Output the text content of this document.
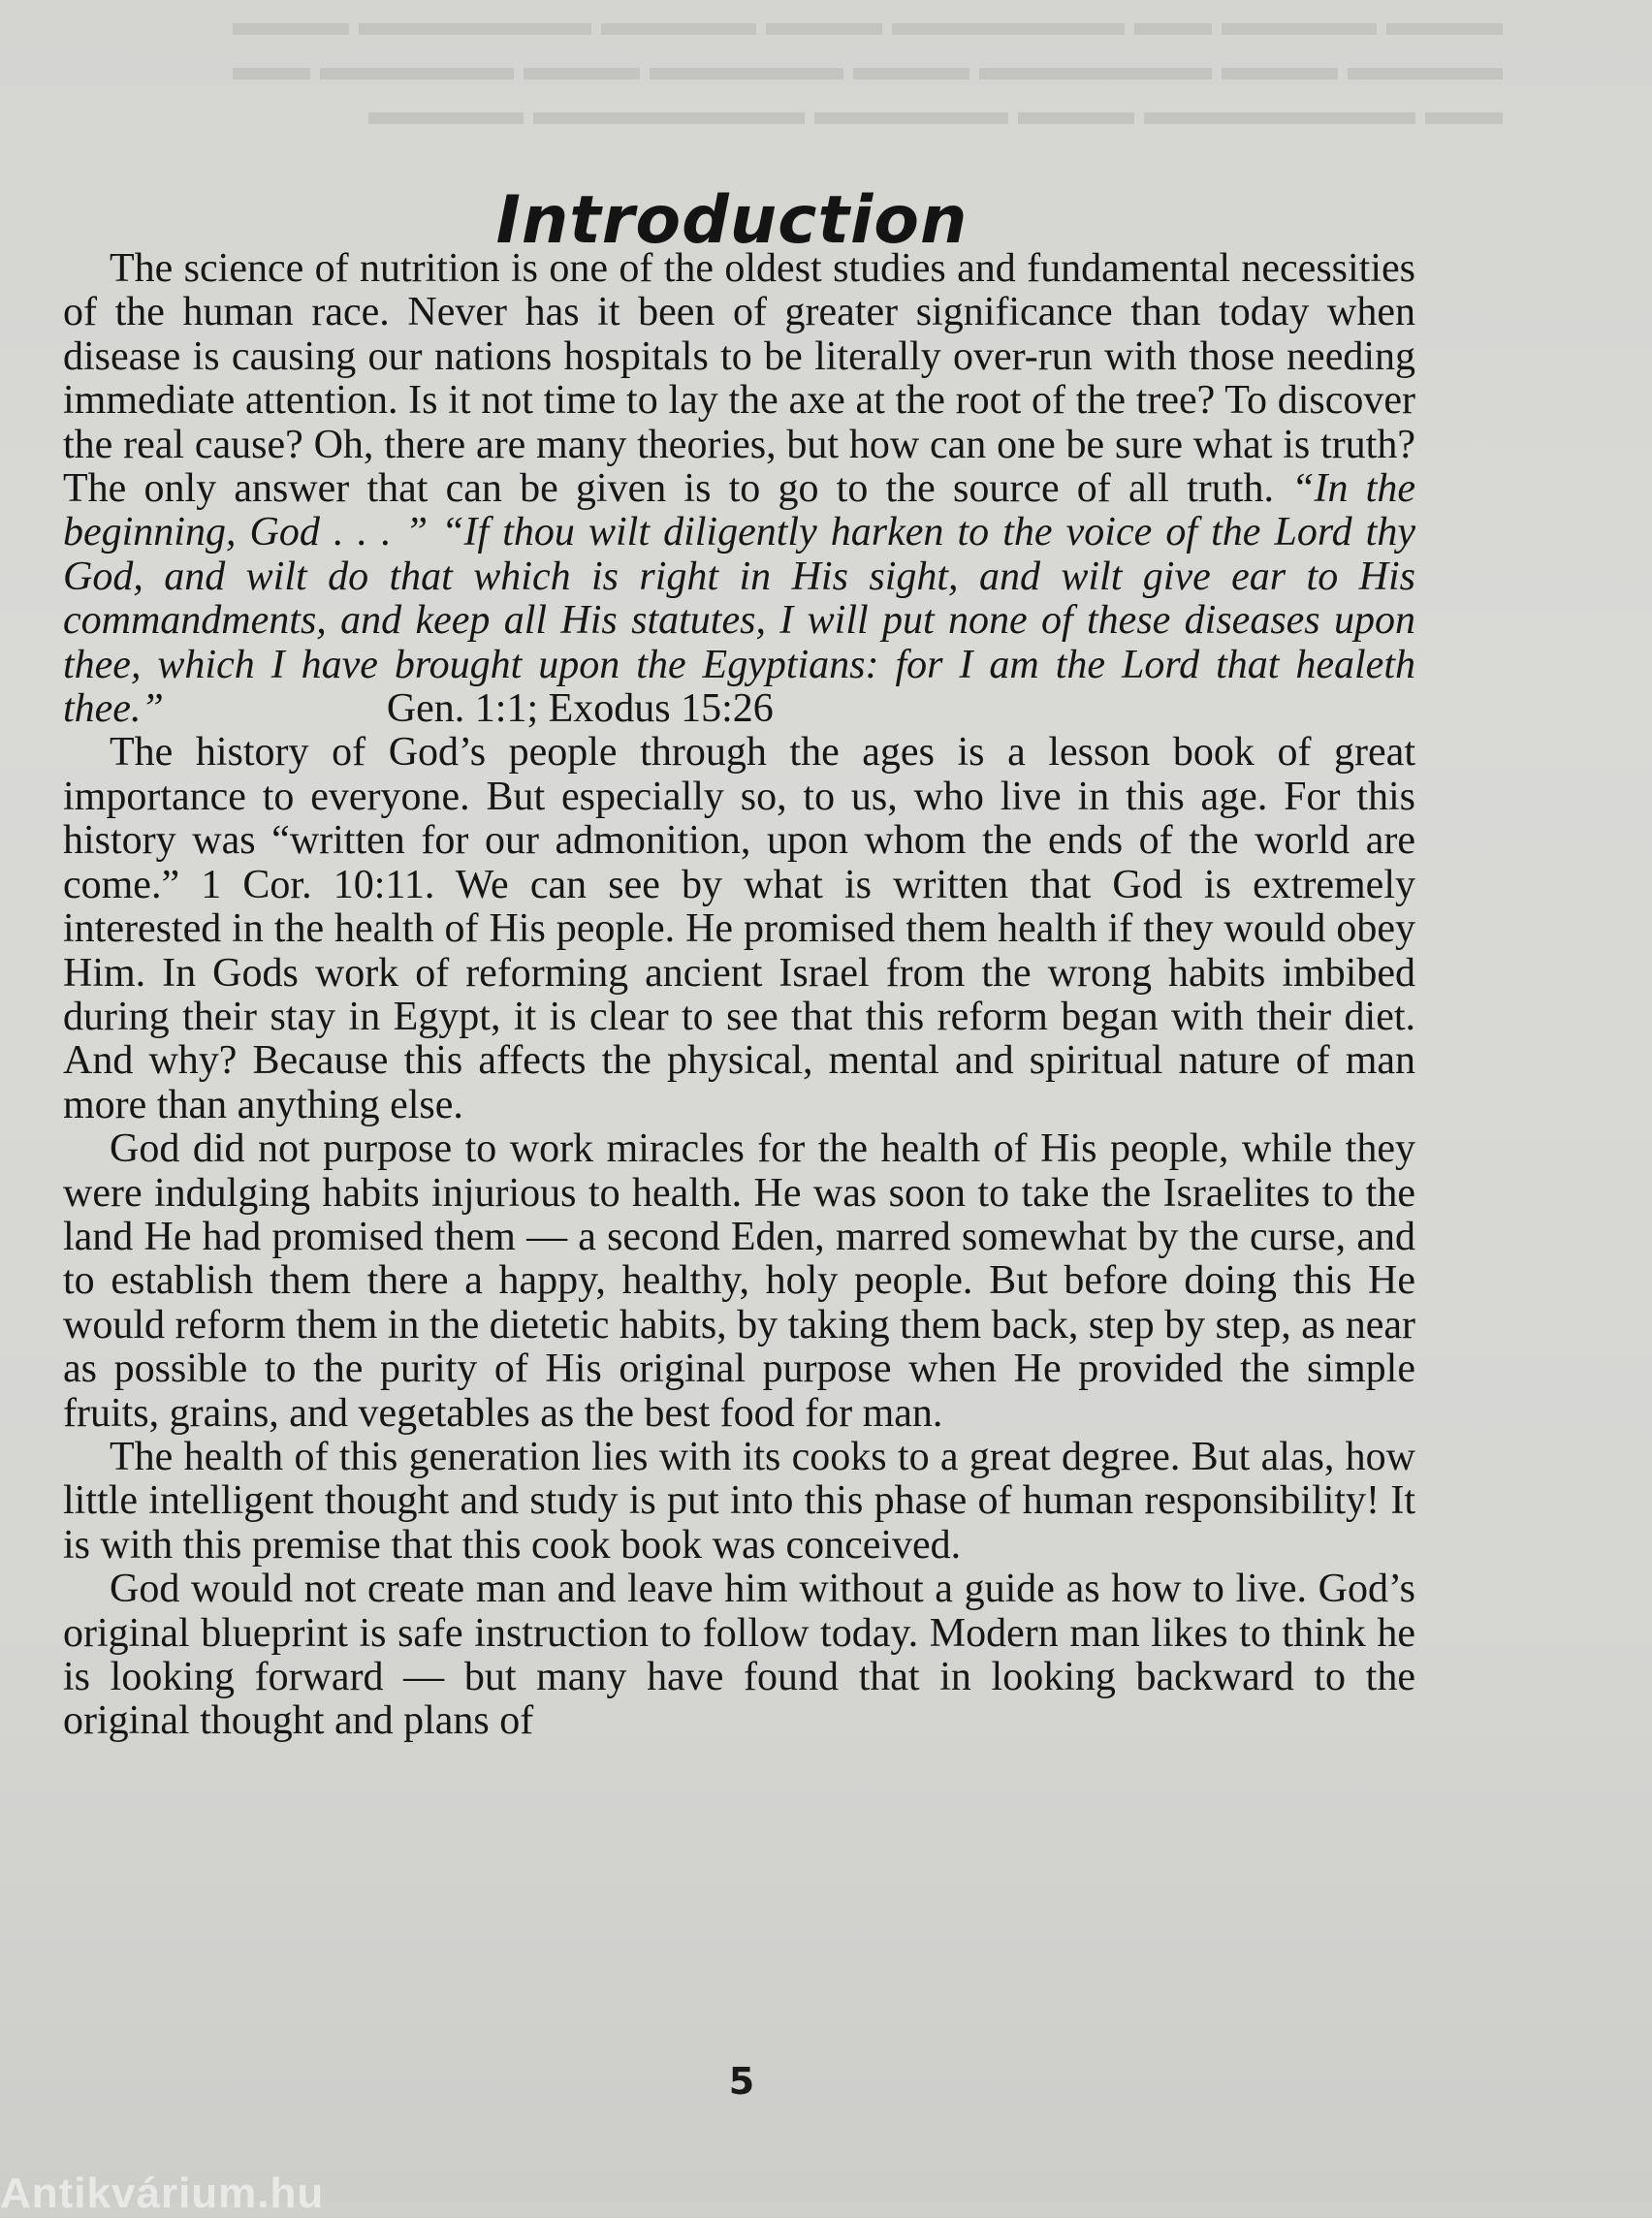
▬▬▬ ▬▬▬▬ ▬▬ ▬▬▬▬▬▬ ▬▬▬ ▬▬▬▬ ▬▬▬▬▬▬ ▬▬▬
▬▬▬▬ ▬▬▬ ▬▬▬▬▬▬ ▬▬▬ ▬▬▬▬▬ ▬▬▬ ▬▬▬▬▬ ▬▬
▬▬ ▬▬▬▬▬▬▬ ▬▬▬ ▬▬▬▬▬ ▬▬▬▬▬▬▬ ▬▬▬▬
Introduction

The science of nutrition is one of the oldest studies and fundamental necessities of the human race. Never has it been of greater significance than today when disease is causing our nations hospitals to be literally over-run with those needing immediate attention. Is it not time to lay the axe at the root of the tree? To discover the real cause? Oh, there are many theories, but how can one be sure what is truth? The only answer that can be given is to go to the source of all truth. “In the beginning, God . . . ” “If thou wilt diligently harken to the voice of the Lord thy God, and wilt do that which is right in His sight, and wilt give ear to His commandments, and keep all His statutes, I will put none of these diseases upon thee, which I have brought upon the Egyptians: for I am the Lord that healeth thee.”	Gen. 1:1; Exodus 15:26

The history of God’s people through the ages is a lesson book of great importance to everyone. But especially so, to us, who live in this age. For this history was “written for our admonition, upon whom the ends of the world are come.” 1 Cor. 10:11. We can see by what is written that God is extremely interested in the health of His people. He promised them health if they would obey Him. In Gods work of reforming ancient Israel from the wrong habits imbibed during their stay in Egypt, it is clear to see that this reform began with their diet. And why? Because this affects the physical, mental and spiritual nature of man more than anything else.

God did not purpose to work miracles for the health of His people, while they were indulging habits injurious to health. He was soon to take the Israelites to the land He had promised them — a second Eden, marred somewhat by the curse, and to establish them there a happy, healthy, holy people. But before doing this He would reform them in the dietetic habits, by taking them back, step by step, as near as possible to the purity of His original purpose when He provided the simple fruits, grains, and vegetables as the best food for man.

The health of this generation lies with its cooks to a great degree. But alas, how little intelligent thought and study is put into this phase of human responsibility! It is with this premise that this cook book was conceived.

God would not create man and leave him without a guide as how to live. God’s original blueprint is safe instruction to follow today. Modern man likes to think he is looking forward — but many have found that in looking backward to the original thought and plans of

5
Antikvárium.hu
